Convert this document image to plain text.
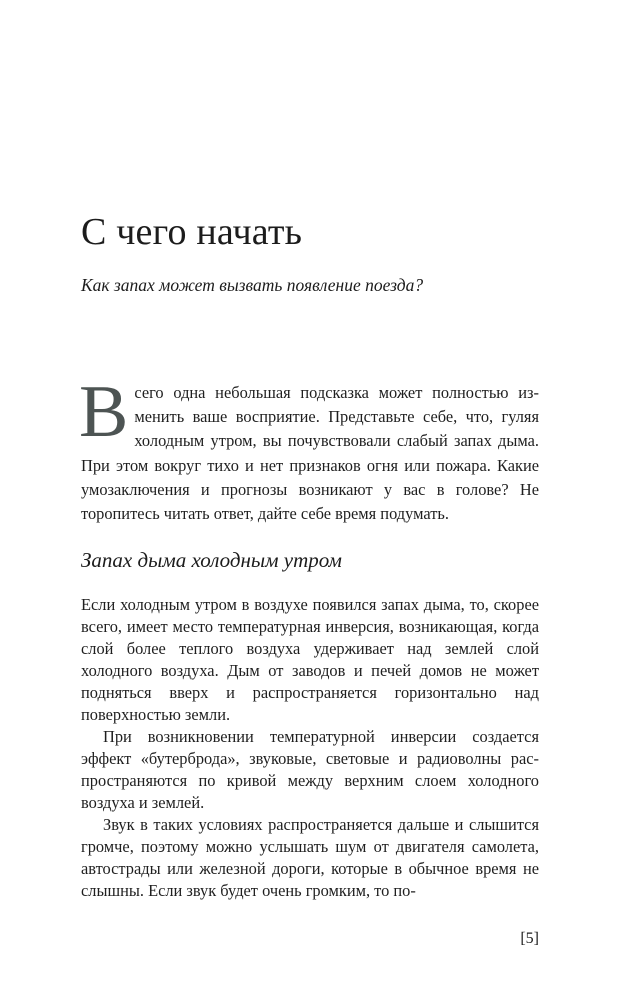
С чего начать

Как запах может вызвать появление поезда?

Всего одна небольшая подсказка может полностью изменить ваше восприятие. Представьте себе, что, гуляя холодным утром, вы почувствовали слабый запах дыма. При этом вокруг тихо и нет признаков огня или пожара. Какие умозаключения и прогнозы возникают у вас в голове? Не торопитесь читать ответ, дайте себе время подумать.
Запах дыма холодным утром

Если холодным утром в воздухе появился запах дыма, то, скорее всего, имеет место температурная инверсия, возникающая, когда слой более теплого воздуха удерживает над землей слой холодного воздуха. Дым от заводов и печей домов не может подняться вверх и распространяется горизонтально над поверхностью земли.

При возникновении температурной инверсии создается эффект «бутерброда», звуковые, световые и радиоволны распространяются по кривой между верхним слоем холодного воздуха и землей.

Звук в таких условиях распространяется дальше и слышится громче, поэтому можно услышать шум от двигателя самолета, автострады или железной дороги, которые в обычное время не слышны. Если звук будет очень громким, то по-

[5]
